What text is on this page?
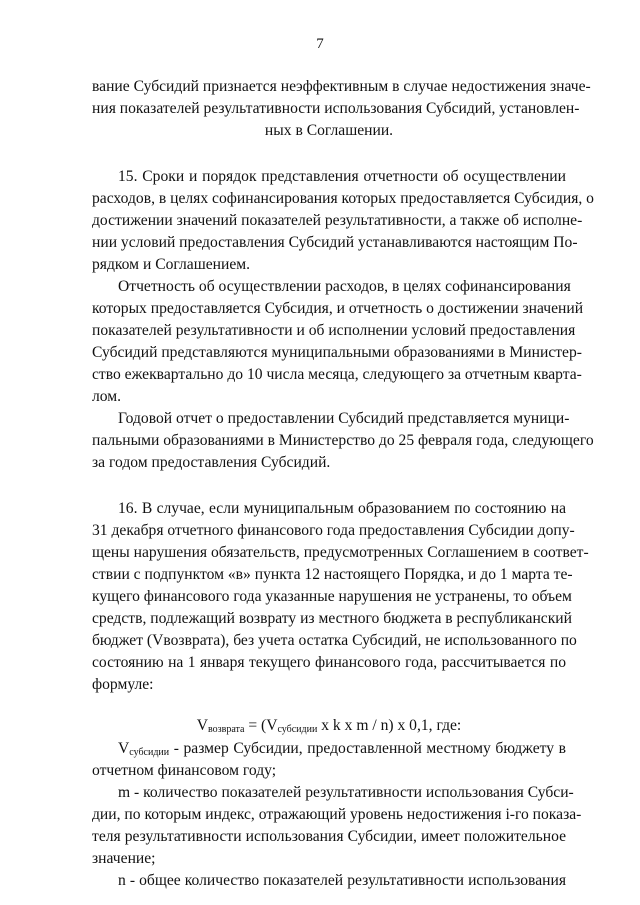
7
вание Субсидий признается неэффективным в случае недостижения значе-
ния показателей результативности использования Субсидий, установлен-
ных в Соглашении.
15. Сроки и порядок представления отчетности об осуществлении
расходов, в целях софинансирования которых предоставляется Субсидия, о
достижении значений показателей результативности, а также об исполне-
нии условий предоставления Субсидий устанавливаются настоящим По-
рядком и Соглашением.
Отчетность об осуществлении расходов, в целях софинансирования
которых предоставляется Субсидия, и отчетность о достижении значений
показателей результативности и об исполнении условий предоставления
Субсидий представляются муниципальными образованиями в Министер-
ство ежеквартально до 10 числа месяца, следующего за отчетным кварта-
лом.
Годовой отчет о предоставлении Субсидий представляется муници-
пальными образованиями в Министерство до 25 февраля года, следующего
за годом предоставления Субсидий.
16. В случае, если муниципальным образованием по состоянию на
31 декабря отчетного финансового года предоставления Субсидии допу-
щены нарушения обязательств, предусмотренных Соглашением в соответ-
ствии с подпунктом «в» пункта 12 настоящего Порядка, и до 1 марта те-
кущего финансового года указанные нарушения не устранены, то объем
средств, подлежащий возврату из местного бюджета в республиканский
бюджет (Vвозврата), без учета остатка Субсидий, не использованного по
состоянию на 1 января текущего финансового года, рассчитывается по
формуле:
отчетном финансовом году;
m - количество показателей результативности использования Субси-
дии, по которым индекс, отражающий уровень недостижения i-го показа-
теля результативности использования Субсидии, имеет положительное
значение;
n - общее количество показателей результативности использования
$V_{возврата} = (V_{субсидии}$ x k x m / n) x 0,1, где:
$V_{субсидии}$ - размер Субсидии, предоставленной местному бюджету в
